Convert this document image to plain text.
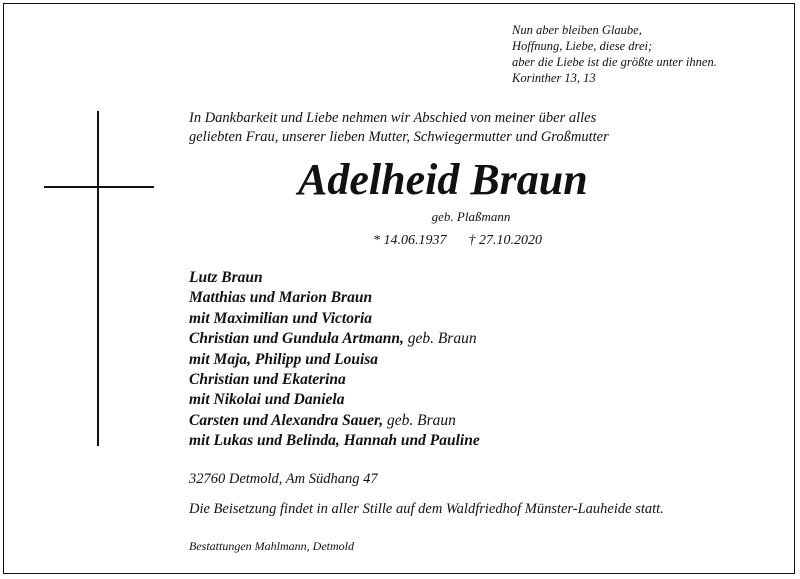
Nun aber bleiben Glaube,
Hoffnung, Liebe, diese drei;
aber die Liebe ist die größte unter ihnen.
Korinther 13, 13
In Dankbarkeit und Liebe nehmen wir Abschied von meiner über alles
geliebten Frau, unserer lieben Mutter, Schwiegermutter und Großmutter
Adelheid Braun
geb. Plaßmann
* 14.06.1937 † 27.10.2020
Lutz Braun
Matthias und Marion Braun
mit Maximilian und Victoria
Christian und Gundula Artmann, geb. Braun
mit Maja, Philipp und Louisa
Christian und Ekaterina
mit Nikolai und Daniela
Carsten und Alexandra Sauer, geb. Braun
mit Lukas und Belinda, Hannah und Pauline
32760 Detmold, Am Südhang 47
Die Beisetzung findet in aller Stille auf dem Waldfriedhof Münster-Lauheide statt.
Bestattungen Mahlmann, Detmold
